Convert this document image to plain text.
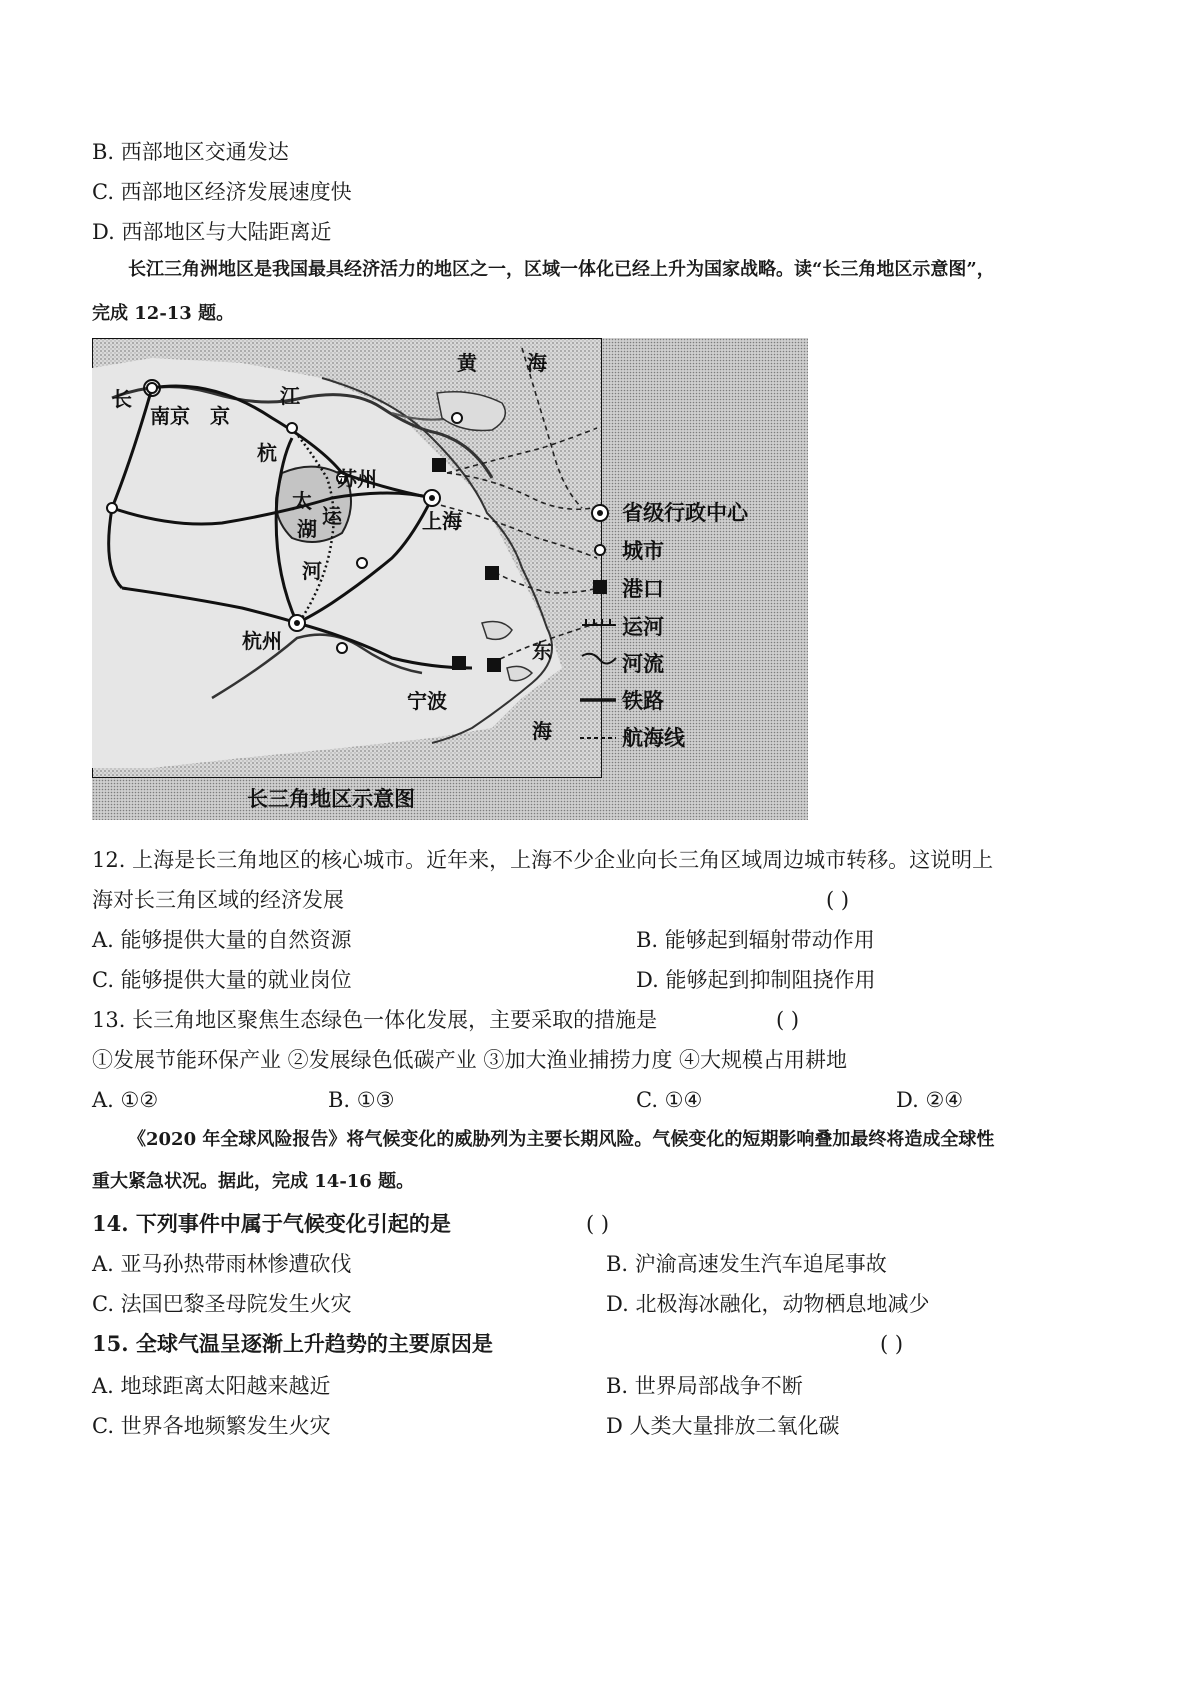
B. 西部地区交通发达
C. 西部地区经济发展速度快
D. 西部地区与大陆距离近
长江三角洲地区是我国最具经济活力的地区之一，区域一体化已经上升为国家战略。读“长三角地区示意图”，
完成 12-13 题。
长
南京 京
江
黄	海
杭
苏州
太
湖
运
河
上海
杭州
宁波
东
海
省级行政中心
城市
港口
运河
河流
铁路
航海线
长三角地区示意图
12. 上海是长三角地区的核心城市。近年来，上海不少企业向长三角区域周边城市转移。这说明上
海对长三角区域的经济发展	( )
A. 能够提供大量的自然资源	B. 能够起到辐射带动作用
C. 能够提供大量的就业岗位	D. 能够起到抑制阻挠作用
13. 长三角地区聚焦生态绿色一体化发展，主要采取的措施是	( )
①发展节能环保产业 ②发展绿色低碳产业 ③加大渔业捕捞力度 ④大规模占用耕地
A. ①②	B. ①③	C. ①④	D. ②④
《2020 年全球风险报告》将气候变化的威胁列为主要长期风险。气候变化的短期影响叠加最终将造成全球性
重大紧急状况。据此，完成 14-16 题。
14. 下列事件中属于气候变化引起的是	( )
A. 亚马孙热带雨林惨遭砍伐	B. 沪渝高速发生汽车追尾事故
C. 法国巴黎圣母院发生火灾	D. 北极海冰融化，动物栖息地减少
15. 全球气温呈逐渐上升趋势的主要原因是	( )
A. 地球距离太阳越来越近	B. 世界局部战争不断
C. 世界各地频繁发生火灾	D 人类大量排放二氧化碳
